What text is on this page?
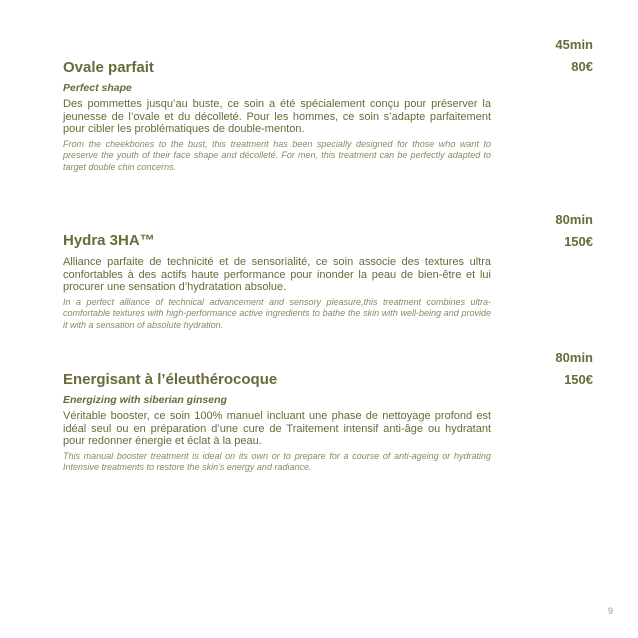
45min
80€
Ovale parfait
Perfect shape
Des pommettes jusqu’au buste, ce soin a été spécialement conçu pour préserver la jeunesse de l’ovale et du décolleté. Pour les hommes, ce soin s’adapte parfaitement pour cibler les problématiques de double-menton.
From the cheekbones to the bust, this treatment has been specially designed for those who want to preserve the youth of their face shape and décolleté. For men, this treatment can be perfectly adapted to target double chin concerns.
80min
150€
Hydra 3HA™
Alliance parfaite de technicité et de sensorialité, ce soin associe des textures ultra confortables à des actifs haute performance pour inonder la peau de bien-être et lui procurer une sensation d’hydratation absolue.
In a perfect alliance of technical advancement and sensory pleasure,this treatment combines ultra-comfortable textures with high-performance active ingredients to bathe the skin with well-being and provide it with a sensation of absolute hydration.
80min
150€
Energisant à l’éleuthérocoque
Energizing with siberian ginseng
Véritable booster, ce soin 100% manuel incluant une phase de nettoyage profond est idéal seul ou en préparation d’une cure de Traitement intensif anti-âge ou hydratant pour redonner énergie et éclat à la peau.
This manual booster treatment is ideal on its own or to prepare for a course of anti-ageing or hydrating Intensive treatments to restore the skin’s energy and radiance.
9
